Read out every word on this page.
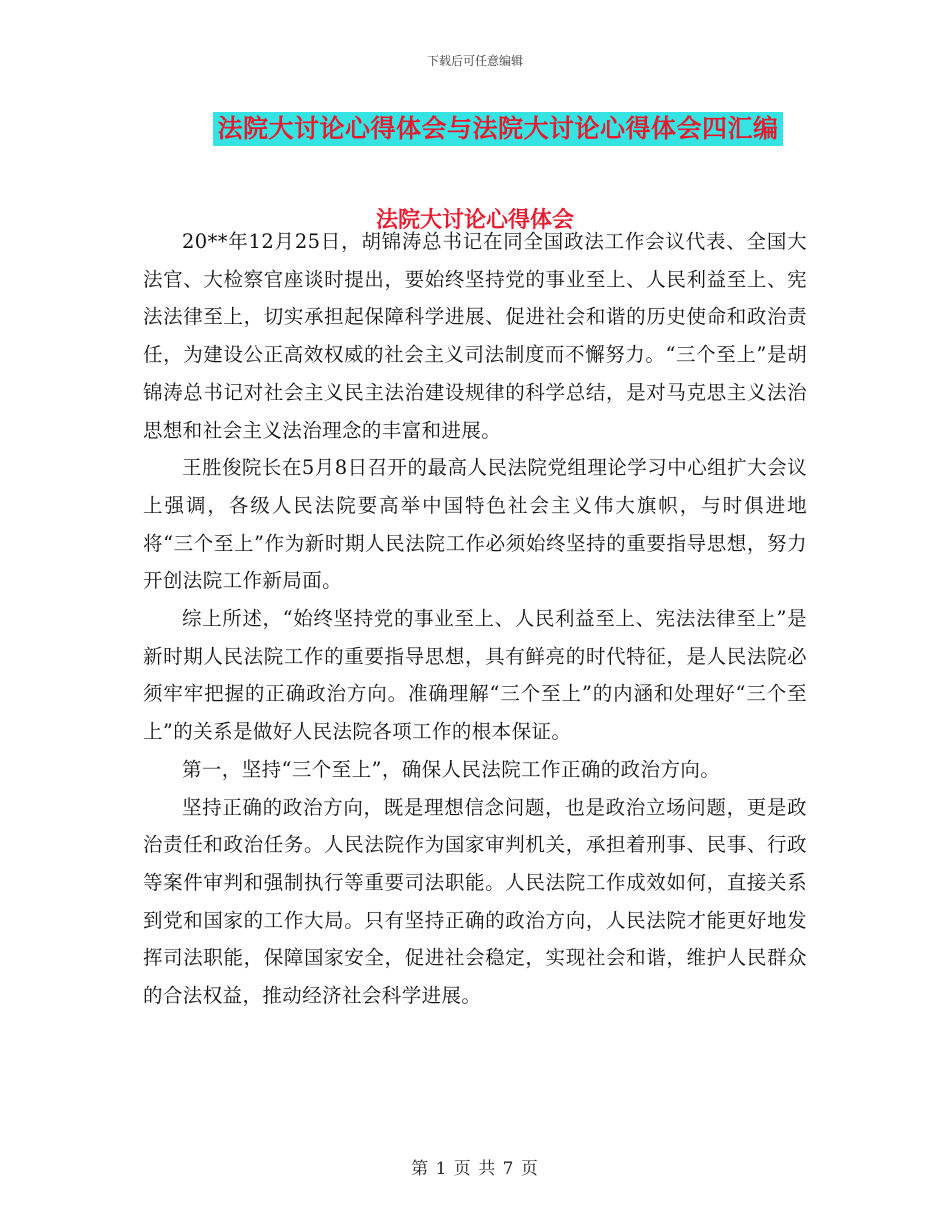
下载后可任意编辑
法院大讨论心得体会与法院大讨论心得体会四汇编
法院大讨论心得体会

20**年12月25日，胡锦涛总书记在同全国政法工作会议代表、全国大法官、大检察官座谈时提出，要始终坚持党的事业至上、人民利益至上、宪法法律至上，切实承担起保障科学进展、促进社会和谐的历史使命和政治责任，为建设公正高效权威的社会主义司法制度而不懈努力。“三个至上”是胡锦涛总书记对社会主义民主法治建设规律的科学总结，是对马克思主义法治思想和社会主义法治理念的丰富和进展。

王胜俊院长在5月8日召开的最高人民法院党组理论学习中心组扩大会议上强调，各级人民法院要高举中国特色社会主义伟大旗帜，与时俱进地将“三个至上”作为新时期人民法院工作必须始终坚持的重要指导思想，努力开创法院工作新局面。

综上所述，“始终坚持党的事业至上、人民利益至上、宪法法律至上”是新时期人民法院工作的重要指导思想，具有鲜亮的时代特征，是人民法院必须牢牢把握的正确政治方向。准确理解“三个至上”的内涵和处理好“三个至上”的关系是做好人民法院各项工作的根本保证。

第一，坚持“三个至上”，确保人民法院工作正确的政治方向。

坚持正确的政治方向，既是理想信念问题，也是政治立场问题，更是政治责任和政治任务。人民法院作为国家审判机关，承担着刑事、民事、行政等案件审判和强制执行等重要司法职能。人民法院工作成效如何，直接关系到党和国家的工作大局。只有坚持正确的政治方向，人民法院才能更好地发挥司法职能，保障国家安全，促进社会稳定，实现社会和谐，维护人民群众的合法权益，推动经济社会科学进展。

第 1 页 共 7 页
